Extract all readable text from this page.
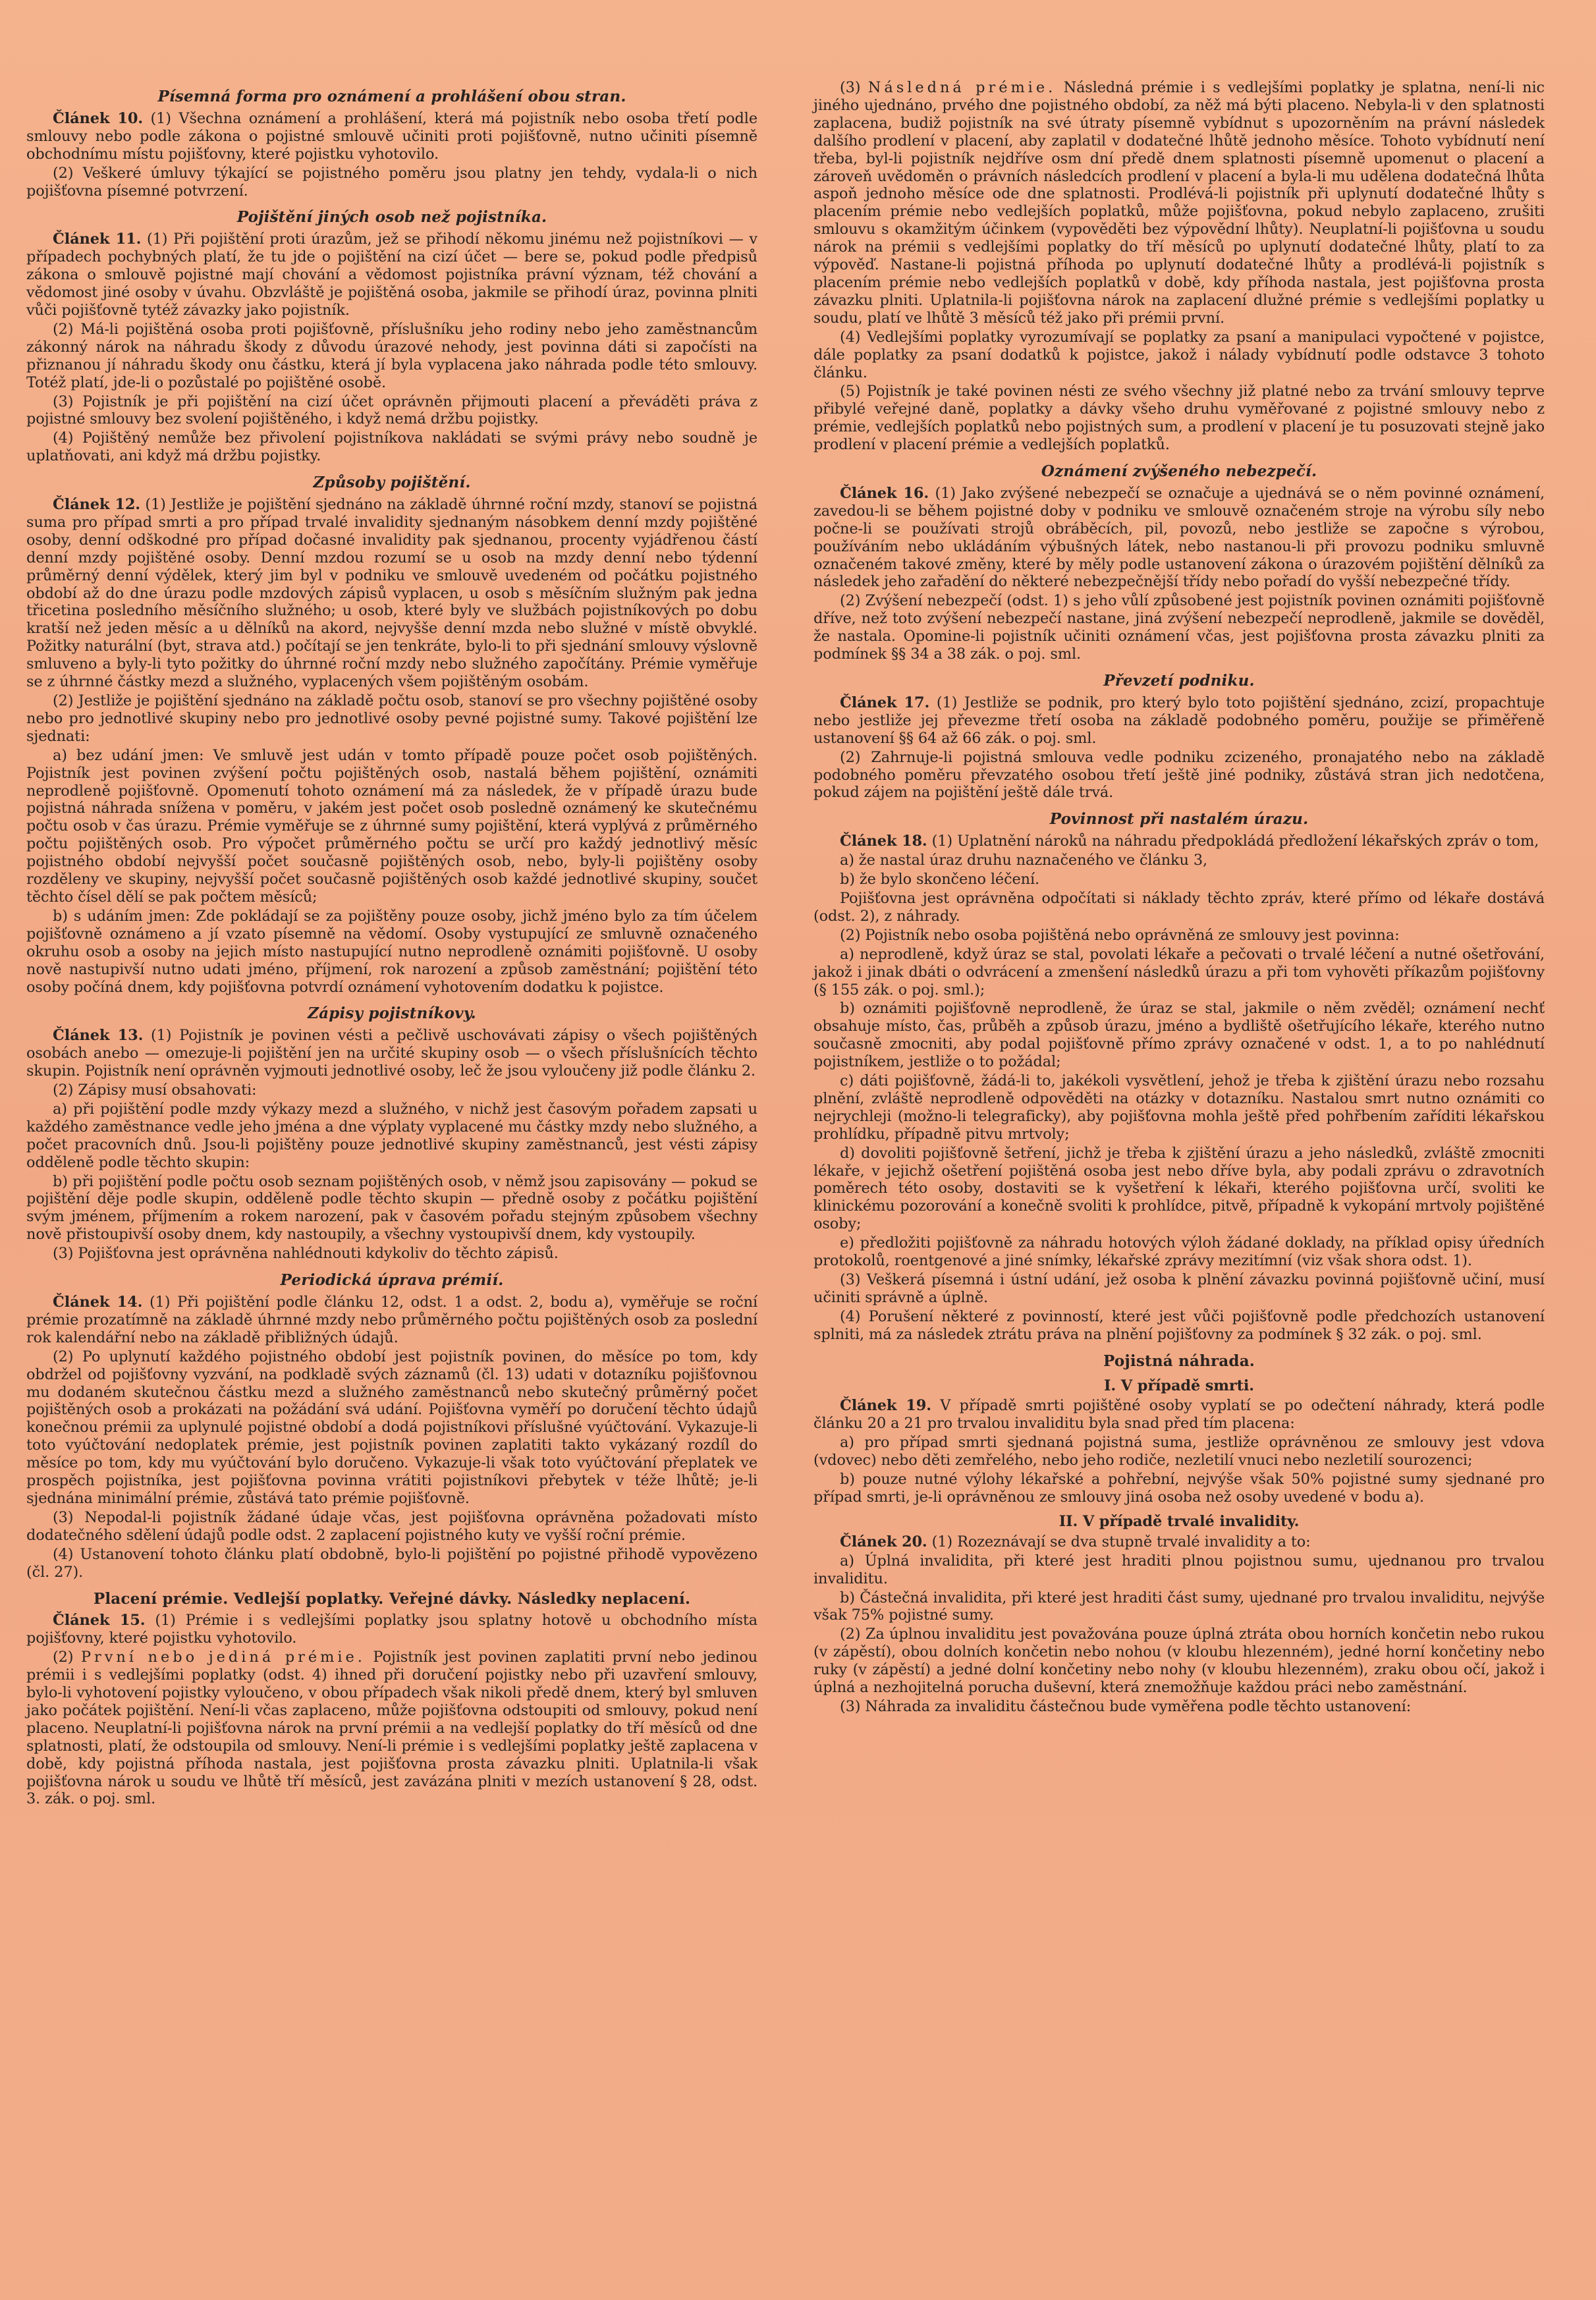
Písemná forma pro oznámení a prohlášení obou stran.

Článek 10. (1) Všechna oznámení a prohlášení, která má pojistník nebo osoba třetí podle smlouvy nebo podle zákona o pojistné smlouvě učiniti proti pojišťovně, nutno učiniti písemně obchodnímu místu pojišťovny, které pojistku vyhotovilo.

(2) Veškeré úmluvy týkající se pojistného poměru jsou platny jen tehdy, vydala-li o nich pojišťovna písemné potvrzení.

Pojištění jiných osob než pojistníka.

Článek 11. (1) Při pojištění proti úrazům, jež se přihodí někomu jinému než pojistníkovi — v případech pochybných platí, že tu jde o pojištění na cizí účet — bere se, pokud podle předpisů zákona o smlouvě pojistné mají chování a vědomost pojistníka právní význam, též chování a vědomost jiné osoby v úvahu. Obzvláště je pojištěná osoba, jakmile se přihodí úraz, povinna plniti vůči pojišťovně tytéž závazky jako pojistník.

(2) Má-li pojištěná osoba proti pojišťovně, příslušníku jeho rodiny nebo jeho zaměstnancům zákonný nárok na náhradu škody z důvodu úrazové nehody, jest povinna dáti si započísti na přiznanou jí náhradu škody onu částku, která jí byla vyplacena jako náhrada podle této smlouvy. Totéž platí, jde-li o pozůstalé po pojištěné osobě.

(3) Pojistník je při pojištění na cizí účet oprávněn přijmouti placení a převáděti práva z pojistné smlouvy bez svolení pojištěného, i když nemá držbu pojistky.

(4) Pojištěný nemůže bez přivolení pojistníkova nakládati se svými právy nebo soudně je uplatňovati, ani když má držbu pojistky.

Způsoby pojištění.

Článek 12. (1) Jestliže je pojištění sjednáno na základě úhrnné roční mzdy, stanoví se pojistná suma pro případ smrti a pro případ trvalé invalidity sjednaným násobkem denní mzdy pojištěné osoby, denní odškodné pro případ dočasné invalidity pak sjednanou, procenty vyjádřenou částí denní mzdy pojištěné osoby. Denní mzdou rozumí se u osob na mzdy denní nebo týdenní průměrný denní výdělek, který jim byl v podniku ve smlouvě uvedeném od počátku pojistného období až do dne úrazu podle mzdových zápisů vyplacen, u osob s měsíčním služným pak jedna třicetina posledního měsíčního služného; u osob, které byly ve službách pojistníkových po dobu kratší než jeden měsíc a u dělníků na akord, nejvyšše denní mzda nebo služné v místě obvyklé. Požitky naturální (byt, strava atd.) počítají se jen tenkráte, bylo-li to při sjednání smlouvy výslovně smluveno a byly-li tyto požitky do úhrnné roční mzdy nebo služného započítány. Prémie vyměřuje se z úhrnné částky mezd a služného, vyplacených všem pojištěným osobám.

(2) Jestliže je pojištění sjednáno na základě počtu osob, stanoví se pro všechny pojištěné osoby nebo pro jednotlivé skupiny nebo pro jednotlivé osoby pevné pojistné sumy. Takové pojištění lze sjednati:

a) bez udání jmen: Ve smluvě jest udán v tomto případě pouze počet osob pojištěných. Pojistník jest povinen zvýšení počtu pojištěných osob, nastalá během pojištění, oznámiti neprodleně pojišťovně. Opomenutí tohoto oznámení má za následek, že v případě úrazu bude pojistná náhrada snížena v poměru, v jakém jest počet osob posledně oznámený ke skutečnému počtu osob v čas úrazu. Prémie vyměřuje se z úhrnné sumy pojištění, která vyplývá z průměrného počtu pojištěných osob. Pro výpočet průměrného počtu se určí pro každý jednotlivý měsíc pojistného období nejvyšší počet současně pojištěných osob, nebo, byly-li pojištěny osoby rozděleny ve skupiny, nejvyšší počet současně pojištěných osob každé jednotlivé skupiny, součet těchto čísel dělí se pak počtem měsíců;

b) s udáním jmen: Zde pokládají se za pojištěny pouze osoby, jichž jméno bylo za tím účelem pojišťovně oznámeno a jí vzato písemně na vědomí. Osoby vystupující ze smluvně označeného okruhu osob a osoby na jejich místo nastupující nutno neprodleně oznámiti pojišťovně. U osoby nově nastupivší nutno udati jméno, příjmení, rok narození a způsob zaměstnání; pojištění této osoby počíná dnem, kdy pojišťovna potvrdí oznámení vyhotovením dodatku k pojistce.

Zápisy pojistníkovy.

Článek 13. (1) Pojistník je povinen vésti a pečlivě uschovávati zápisy o všech pojištěných osobách anebo — omezuje-li pojištění jen na určité skupiny osob — o všech příslušnících těchto skupin. Pojistník není oprávněn vyjmouti jednotlivé osoby, leč že jsou vyloučeny již podle článku 2.

(2) Zápisy musí obsahovati:

a) při pojištění podle mzdy výkazy mezd a služného, v nichž jest časovým pořadem zapsati u každého zaměstnance vedle jeho jména a dne výplaty vyplacené mu částky mzdy nebo služného, a počet pracovních dnů. Jsou-li pojištěny pouze jednotlivé skupiny zaměstnanců, jest vésti zápisy odděleně podle těchto skupin:

b) při pojištění podle počtu osob seznam pojištěných osob, v němž jsou zapisovány — pokud se pojištění děje podle skupin, odděleně podle těchto skupin — předně osoby z počátku pojištění svým jménem, příjmením a rokem narození, pak v časovém pořadu stejným způsobem všechny nově přistoupivší osoby dnem, kdy nastoupily, a všechny vystoupivší dnem, kdy vystoupily.

(3) Pojišťovna jest oprávněna nahlédnouti kdykoliv do těchto zápisů.

Periodická úprava prémií.

Článek 14. (1) Při pojištění podle článku 12, odst. 1 a odst. 2, bodu a), vyměřuje se roční prémie prozatímně na základě úhrnné mzdy nebo průměrného počtu pojištěných osob za poslední rok kalendářní nebo na základě přibližných údajů.

(2) Po uplynutí každého pojistného období jest pojistník povinen, do měsíce po tom, kdy obdržel od pojišťovny vyzvání, na podkladě svých záznamů (čl. 13) udati v dotazníku pojišťovnou mu dodaném skutečnou částku mezd a služného zaměstnanců nebo skutečný průměrný počet pojištěných osob a prokázati na požádání svá udání. Pojišťovna vyměří po doručení těchto údajů konečnou prémii za uplynulé pojistné období a dodá pojistníkovi příslušné vyúčtování. Vykazuje-li toto vyúčtování nedoplatek prémie, jest pojistník povinen zaplatiti takto vykázaný rozdíl do měsíce po tom, kdy mu vyúčtování bylo doručeno. Vykazuje-li však toto vyúčtování přeplatek ve prospěch pojistníka, jest pojišťovna povinna vrátiti pojistníkovi přebytek v téže lhůtě; je-li sjednána minimální prémie, zůstává tato prémie pojišťovně.

(3) Nepodal-li pojistník žádané údaje včas, jest pojišťovna oprávněna požadovati místo dodatečného sdělení údajů podle odst. 2 zaplacení pojistného kuty ve vyšší roční prémie.

(4) Ustanovení tohoto článku platí obdobně, bylo-li pojištění po pojistné přihodě vypovězeno (čl. 27).

Placení prémie. Vedlejší poplatky. Veřejné dávky. Následky neplacení.

Článek 15. (1) Prémie i s vedlejšími poplatky jsou splatny hotově u obchodního místa pojišťovny, které pojistku vyhotovilo.

(2) První nebo jediná prémie. Pojistník jest povinen zaplatiti první nebo jedinou prémii i s vedlejšími poplatky (odst. 4) ihned při doručení pojistky nebo při uzavření smlouvy, bylo-li vyhotovení pojistky vyloučeno, v obou případech však nikoli předě dnem, který byl smluven jako počátek pojištění. Není-li včas zaplaceno, může pojišťovna odstoupiti od smlouvy, pokud není placeno. Neuplatní-li pojišťovna nárok na první prémii a na vedlejší poplatky do tří měsíců od dne splatnosti, platí, že odstoupila od smlouvy. Není-li prémie i s vedlejšími poplatky ještě zaplacena v době, kdy pojistná příhoda nastala, jest pojišťovna prosta závazku plniti. Uplatnila-li však pojišťovna nárok u soudu ve lhůtě tří měsíců, jest zavázána plniti v mezích ustanovení § 28, odst. 3. zák. o poj. sml.

(3) Následná prémie. Následná prémie i s vedlejšími poplatky je splatna, není-li nic jiného ujednáno, prvého dne pojistného období, za něž má býti placeno. Nebyla-li v den splatnosti zaplacena, budiž pojistník na své útraty písemně vybídnut s upozorněním na právní následek dalšího prodlení v placení, aby zaplatil v dodatečné lhůtě jednoho měsíce. Tohoto vybídnutí není třeba, byl-li pojistník nejdříve osm dní předě dnem splatnosti písemně upomenut o placení a zároveň uvědoměn o právních následcích prodlení v placení a byla-li mu udělena dodatečná lhůta aspoň jednoho měsíce ode dne splatnosti. Prodlévá-li pojistník při uplynutí dodatečné lhůty s placením prémie nebo vedlejších poplatků, může pojišťovna, pokud nebylo zaplaceno, zrušiti smlouvu s okamžitým účinkem (vypověděti bez výpovědní lhůty). Neuplatní-li pojišťovna u soudu nárok na prémii s vedlejšími poplatky do tří měsíců po uplynutí dodatečné lhůty, platí to za výpověď. Nastane-li pojistná příhoda po uplynutí dodatečné lhůty a prodlévá-li pojistník s placením prémie nebo vedlejších poplatků v době, kdy příhoda nastala, jest pojišťovna prosta závazku plniti. Uplatnila-li pojišťovna nárok na zaplacení dlužné prémie s vedlejšími poplatky u soudu, platí ve lhůtě 3 měsíců též jako při prémii první.

(4) Vedlejšími poplatky vyrozumívají se poplatky za psaní a manipulaci vypočtené v pojistce, dále poplatky za psaní dodatků k pojistce, jakož i nálady vybídnutí podle odstavce 3 tohoto článku.

(5) Pojistník je také povinen nésti ze svého všechny již platné nebo za trvání smlouvy teprve přibylé veřejné daně, poplatky a dávky všeho druhu vyměřované z pojistné smlouvy nebo z prémie, vedlejších poplatků nebo pojistných sum, a prodlení v placení je tu posuzovati stejně jako prodlení v placení prémie a vedlejších poplatků.

Oznámení zvýšeného nebezpečí.

Článek 16. (1) Jako zvýšené nebezpečí se označuje a ujednává se o něm povinné oznámení, zavedou-li se během pojistné doby v podniku ve smlouvě označeném stroje na výrobu síly nebo počne-li se používati strojů obráběcích, pil, povozů, nebo jestliže se započne s výrobou, používáním nebo ukládáním výbušných látek, nebo nastanou-li při provozu podniku smluvně označeném takové změny, které by měly podle ustanovení zákona o úrazovém pojištění dělníků za následek jeho zařadění do některé nebezpečnější třídy nebo pořadí do vyšší nebezpečné třídy.

(2) Zvýšení nebezpečí (odst. 1) s jeho vůlí způsobené jest pojistník povinen oznámiti pojišťovně dříve, než toto zvýšení nebezpečí nastane, jiná zvýšení nebezpečí neprodleně, jakmile se dověděl, že nastala. Opomine-li pojistník učiniti oznámení včas, jest pojišťovna prosta závazku plniti za podmínek §§ 34 a 38 zák. o poj. sml.

Převzetí podniku.

Článek 17. (1) Jestliže se podnik, pro který bylo toto pojištění sjednáno, zcizí, propachtuje nebo jestliže jej převezme třetí osoba na základě podobného poměru, použije se přiměřeně ustanovení §§ 64 až 66 zák. o poj. sml.

(2) Zahrnuje-li pojistná smlouva vedle podniku zcizeného, pronajatého nebo na základě podobného poměru převzatého osobou třetí ještě jiné podniky, zůstává stran jich nedotčena, pokud zájem na pojištění ještě dále trvá.

Povinnost při nastalém úrazu.

Článek 18. (1) Uplatnění nároků na náhradu předpokládá předložení lékařských zpráv o tom,

a) že nastal úraz druhu naznačeného ve článku 3,

b) že bylo skončeno léčení.

Pojišťovna jest oprávněna odpočítati si náklady těchto zpráv, které přímo od lékaře dostává (odst. 2), z náhrady.

(2) Pojistník nebo osoba pojištěná nebo oprávněná ze smlouvy jest povinna:

a) neprodleně, když úraz se stal, povolati lékaře a pečovati o trvalé léčení a nutné ošetřování, jakož i jinak dbáti o odvrácení a zmenšení následků úrazu a při tom vyhověti příkazům pojišťovny (§ 155 zák. o poj. sml.);

b) oznámiti pojišťovně neprodleně, že úraz se stal, jakmile o něm zvěděl; oznámení nechť obsahuje místo, čas, průběh a způsob úrazu, jméno a bydliště ošetřujícího lékaře, kterého nutno současně zmocniti, aby podal pojišťovně přímo zprávy označené v odst. 1, a to po nahlédnutí pojistníkem, jestliže o to požádal;

c) dáti pojišťovně, žádá-li to, jakékoli vysvětlení, jehož je třeba k zjištění úrazu nebo rozsahu plnění, zvláště neprodleně odpověděti na otázky v dotazníku. Nastalou smrt nutno oznámiti co nejrychleji (možno-li telegraficky), aby pojišťovna mohla ještě před pohřbením zaříditi lékařskou prohlídku, případně pitvu mrtvoly;

d) dovoliti pojišťovně šetření, jichž je třeba k zjištění úrazu a jeho následků, zvláště zmocniti lékaře, v jejichž ošetření pojištěná osoba jest nebo dříve byla, aby podali zprávu o zdravotních poměrech této osoby, dostaviti se k vyšetření k lékaři, kterého pojišťovna určí, svoliti ke klinickému pozorování a konečně svoliti k prohlídce, pitvě, případně k vykopání mrtvoly pojištěné osoby;

e) předložiti pojišťovně za náhradu hotových výloh žádané doklady, na příklad opisy úředních protokolů, roentgenové a jiné snímky, lékařské zprávy mezitímní (viz však shora odst. 1).

(3) Veškerá písemná i ústní udání, jež osoba k plnění závazku povinná pojišťovně učiní, musí učiniti správně a úplně.

(4) Porušení některé z povinností, které jest vůči pojišťovně podle předchozích ustanovení splniti, má za následek ztrátu práva na plnění pojišťovny za podmínek § 32 zák. o poj. sml.

Pojistná náhrada.
I. V případě smrti.

Článek 19. V případě smrti pojištěné osoby vyplatí se po odečtení náhrady, která podle článku 20 a 21 pro trvalou invaliditu byla snad před tím placena:

a) pro případ smrti sjednaná pojistná suma, jestliže oprávněnou ze smlouvy jest vdova (vdovec) nebo děti zemřelého, nebo jeho rodiče, nezletilí vnuci nebo nezletilí sourozenci;

b) pouze nutné výlohy lékařské a pohřební, nejvýše však 50% pojistné sumy sjednané pro případ smrti, je-li oprávněnou ze smlouvy jiná osoba než osoby uvedené v bodu a).

II. V případě trvalé invalidity.

Článek 20. (1) Rozeznávají se dva stupně trvalé invalidity a to:

a) Úplná invalidita, při které jest hraditi plnou pojistnou sumu, ujednanou pro trvalou invaliditu.

b) Částečná invalidita, při které jest hraditi část sumy, ujednané pro trvalou invaliditu, nejvýše však 75% pojistné sumy.

(2) Za úplnou invaliditu jest považována pouze úplná ztráta obou horních končetin nebo rukou (v zápěstí), obou dolních končetin nebo nohou (v kloubu hlezenném), jedné horní končetiny nebo ruky (v zápěstí) a jedné dolní končetiny nebo nohy (v kloubu hlezenném), zraku obou očí, jakož i úplná a nezhojitelná porucha duševní, která znemožňuje každou práci nebo zaměstnání.

(3) Náhrada za invaliditu částečnou bude vyměřena podle těchto ustanovení:
